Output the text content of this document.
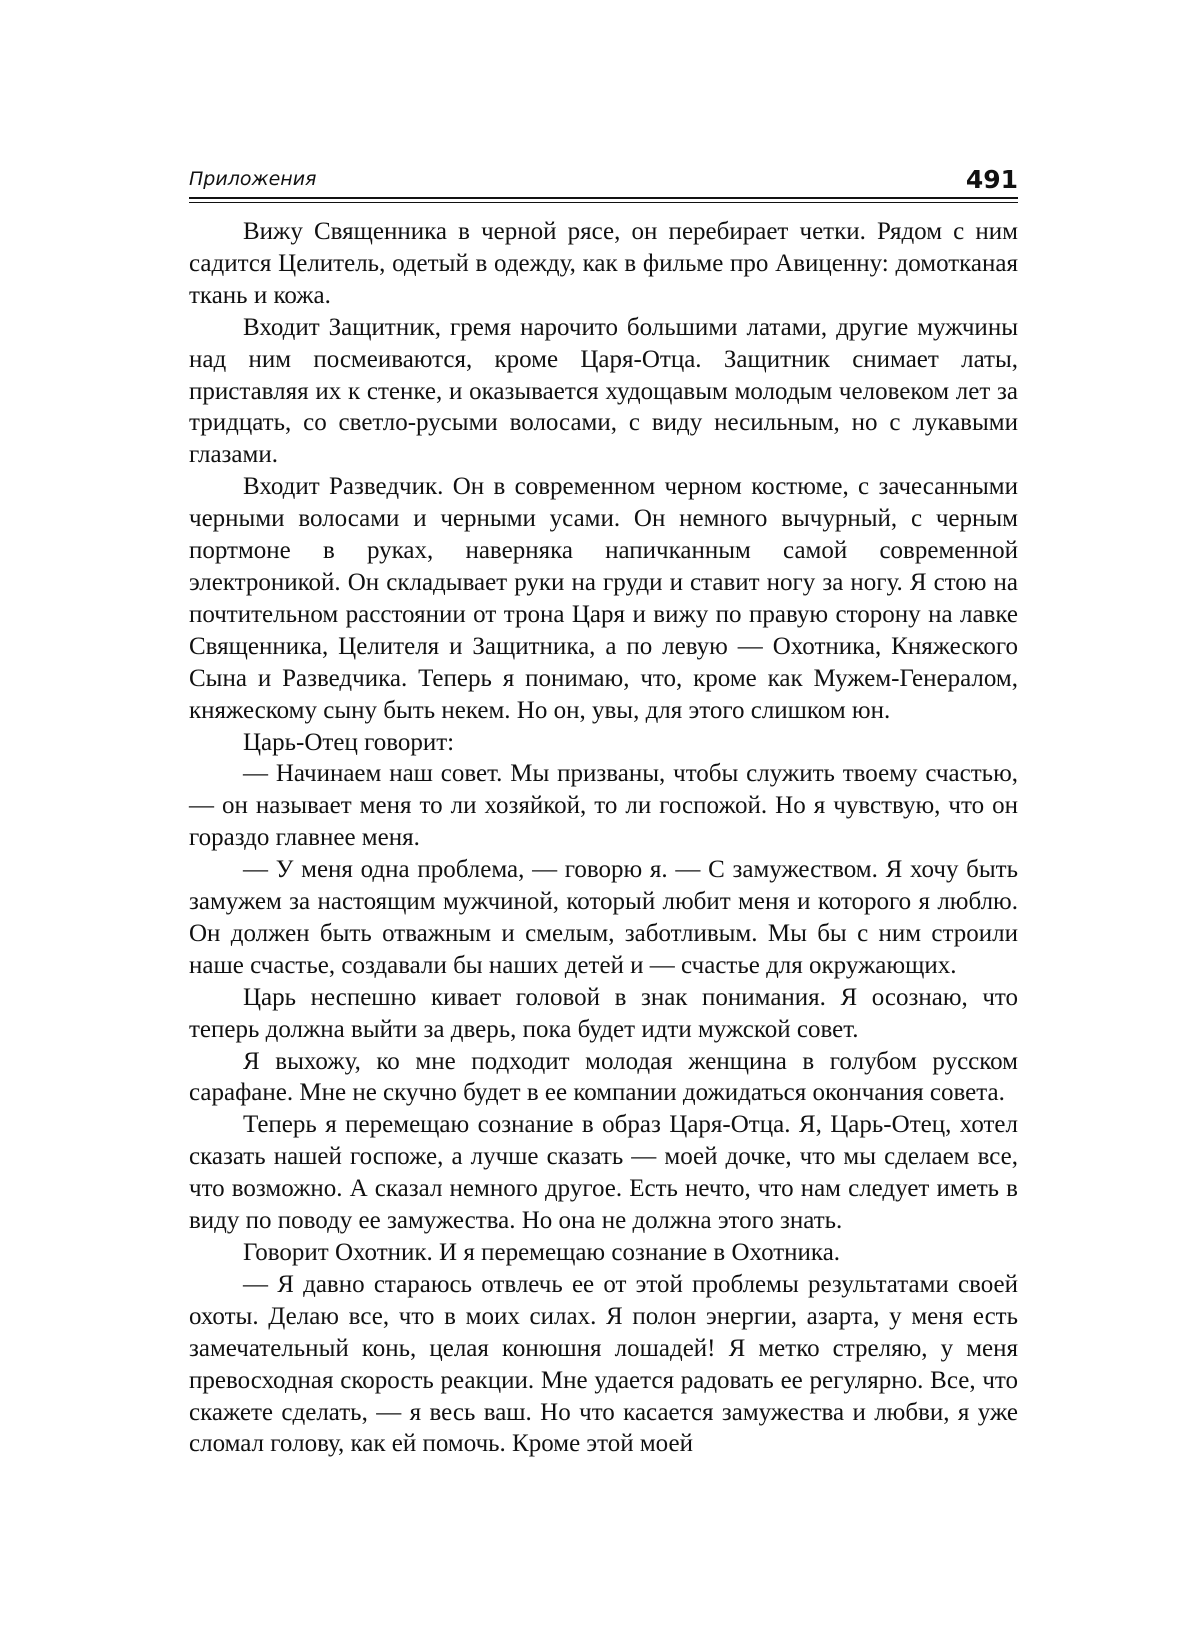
Приложения	491

Вижу Священника в черной рясе, он перебирает четки. Рядом с ним садится Целитель, одетый в одежду, как в фильме про Авиценну: домотканая ткань и кожа.

Входит Защитник, гремя нарочито большими латами, другие мужчины над ним посмеиваются, кроме Царя-Отца. Защитник снимает латы, приставляя их к стенке, и оказывается худощавым молодым человеком лет за тридцать, со светло-русыми волосами, с виду несильным, но с лукавыми глазами.

Входит Разведчик. Он в современном черном костюме, с зачесанными черными волосами и черными усами. Он немного вычурный, с черным портмоне в руках, наверняка напичканным самой современной электроникой. Он складывает руки на груди и ставит ногу за ногу. Я стою на почтительном расстоянии от трона Царя и вижу по правую сторону на лавке Священника, Целителя и Защитника, а по левую — Охотника, Княжеского Сына и Разведчика. Теперь я понимаю, что, кроме как Мужем-Генералом, княжескому сыну быть некем. Но он, увы, для этого слишком юн.

Царь-Отец говорит:

— Начинаем наш совет. Мы призваны, чтобы служить твоему счастью, — он называет меня то ли хозяйкой, то ли госпожой. Но я чувствую, что он гораздо главнее меня.

— У меня одна проблема, — говорю я. — С замужеством. Я хочу быть замужем за настоящим мужчиной, который любит меня и которого я люблю. Он должен быть отважным и смелым, заботливым. Мы бы с ним строили наше счастье, создавали бы наших детей и — счастье для окружающих.

Царь неспешно кивает головой в знак понимания. Я осознаю, что теперь должна выйти за дверь, пока будет идти мужской совет.

Я выхожу, ко мне подходит молодая женщина в голубом русском сарафане. Мне не скучно будет в ее компании дожидаться окончания совета.

Теперь я перемещаю сознание в образ Царя-Отца. Я, Царь-Отец, хотел сказать нашей госпоже, а лучше сказать — моей дочке, что мы сделаем все, что возможно. А сказал немного другое. Есть нечто, что нам следует иметь в виду по поводу ее замужества. Но она не должна этого знать.

Говорит Охотник. И я перемещаю сознание в Охотника.

— Я давно стараюсь отвлечь ее от этой проблемы результатами своей охоты. Делаю все, что в моих силах. Я полон энергии, азарта, у меня есть замечательный конь, целая конюшня лошадей! Я метко стреляю, у меня превосходная скорость реакции. Мне удается радовать ее регулярно. Все, что скажете сделать, — я весь ваш. Но что касается замужества и любви, я уже сломал голову, как ей помочь. Кроме этой моей
